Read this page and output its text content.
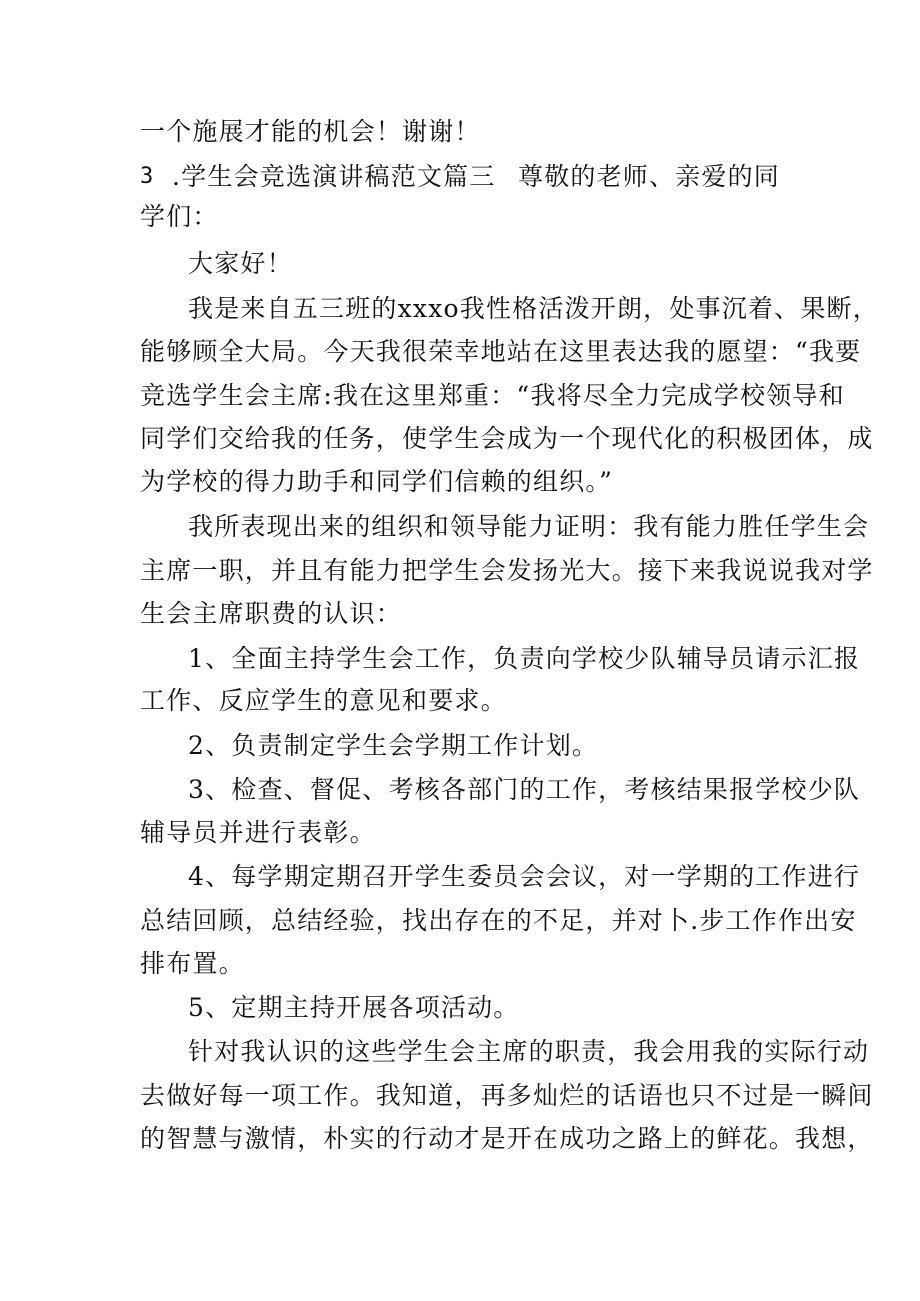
一个施展才能的机会！谢谢！
3 .学生会竞选演讲稿范文篇三 尊敬的老师、亲爱的同
学们：
大家好！
我是来自五三班的xxxo我性格活泼开朗，处事沉着、果断，
能够顾全大局。今天我很荣幸地站在这里表达我的愿望：“我要
竞选学生会主席:我在这里郑重：“我将尽全力完成学校领导和
同学们交给我的任务，使学生会成为一个现代化的积极团体，成
为学校的得力助手和同学们信赖的组织。”
我所表现出来的组织和领导能力证明：我有能力胜任学生会
主席一职，并且有能力把学生会发扬光大。接下来我说说我对学
生会主席职费的认识：
1、全面主持学生会工作，负责向学校少队辅导员请示汇报
工作、反应学生的意见和要求。
2、负责制定学生会学期工作计划。
3、检查、督促、考核各部门的工作，考核结果报学校少队
辅导员并进行表彰。
4、每学期定期召开学生委员会会议，对一学期的工作进行
总结回顾，总结经验，找出存在的不足，并对卜.步工作作出安
排布置。
5、定期主持开展各项活动。
针对我认识的这些学生会主席的职责，我会用我的实际行动
去做好每一项工作。我知道，再多灿烂的话语也只不过是一瞬间
的智慧与激情，朴实的行动才是开在成功之路上的鲜花。我想，
